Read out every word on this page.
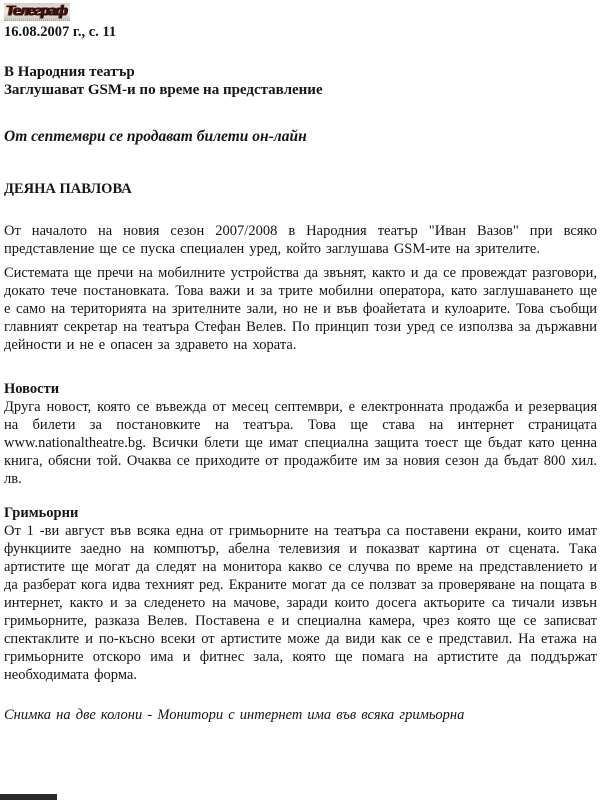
Телеграф
16.08.2007 г., с. 11

В Народния театър

Заглушават GSM-и по време на представление

От септември се продават билети он-лайн

ДЕЯНА ПАВЛОВА

От началото на новия сезон 2007/2008 в Народния театър "Иван Вазов" при всяко представление ще се пуска специален уред, който заглушава GSM-ите на зрителите.

Системата ще пречи на мобилните устройства да звънят, както и да се провеждат разговори, докато тече постановката. Това важи и за трите мобилни оператора, като заглушаването ще е само на територията на зрителните зали, но не и във фоайетата и кулоарите. Това съобщи главният секретар на театъра Стефан Велев. По принцип този уред се използва за държавни дейности и не е опасен за здравето на хората.

Новости

Друга новост, която се въвежда от месец септември, е електронната продажба и резервация на билети за постановките на театъра. Това ще става на интернет страницата www.nationaltheatre.bg. Всички блети ще имат специална защита тоест ще бъдат като ценна книга, обясни той. Очаква се приходите от продажбите им за новия сезон да бъдат 800 хил. лв.

Гримьорни

От 1 -ви август във всяка една от гримьорните на театъра са поставени екрани, които имат функциите заедно на компютър, абелна телевизия и показват картина от сцената. Така артистите ще могат да следят на монитора какво се случва по време на представлението и да разберат кога идва техният ред. Екраните могат да се ползват за проверяване на пощата в интернет, както и за следенето на мачове, заради които досега актьорите са тичали извън гримьорните, разказа Велев. Поставена е и специална камера, чрез която ще се записват спектаклите и по-късно всеки от артистите може да види как се е представил. На етажа на гримьорните отскоро има и фитнес зала, която ще помага на артистите да поддържат необходимата форма.

Снимка на две колони - Монитори с интернет има във всяка гримьорна
